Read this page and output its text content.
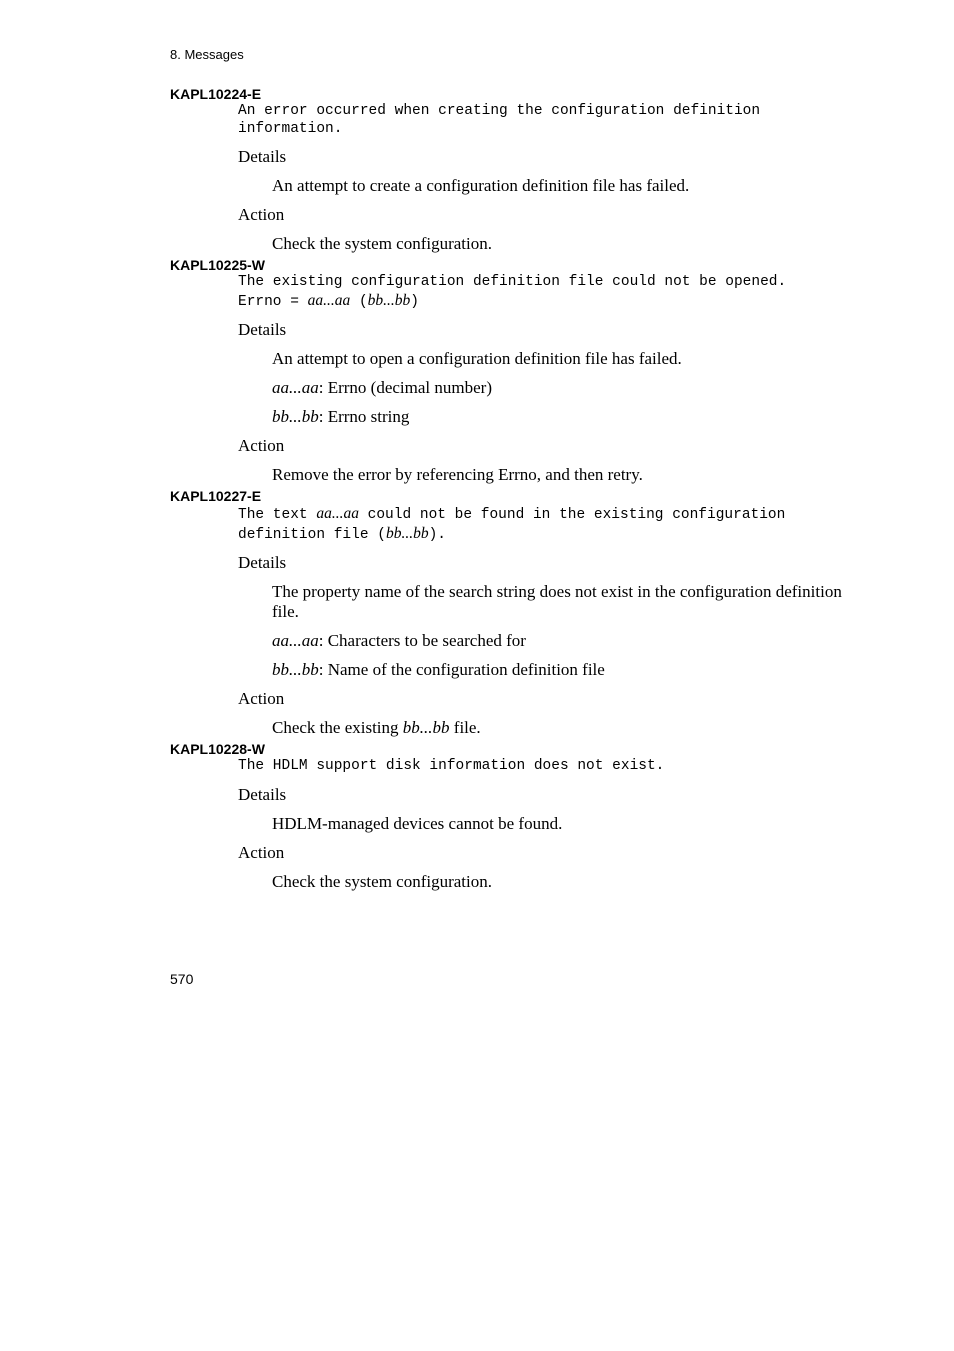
8. Messages
KAPL10224-E
An error occurred when creating the configuration definition
information.
Details
An attempt to create a configuration definition file has failed.
Action
Check the system configuration.
KAPL10225-W
The existing configuration definition file could not be opened.
Errno = aa...aa (bb...bb)
Details
An attempt to open a configuration definition file has failed.
aa...aa: Errno (decimal number)
bb...bb: Errno string
Action
Remove the error by referencing Errno, and then retry.
KAPL10227-E
The text aa...aa could not be found in the existing configuration
definition file (bb...bb).
Details
The property name of the search string does not exist in the configuration definition file.
aa...aa: Characters to be searched for
bb...bb: Name of the configuration definition file
Action
Check the existing bb...bb file.
KAPL10228-W
The HDLM support disk information does not exist.
Details
HDLM-managed devices cannot be found.
Action
Check the system configuration.
570
